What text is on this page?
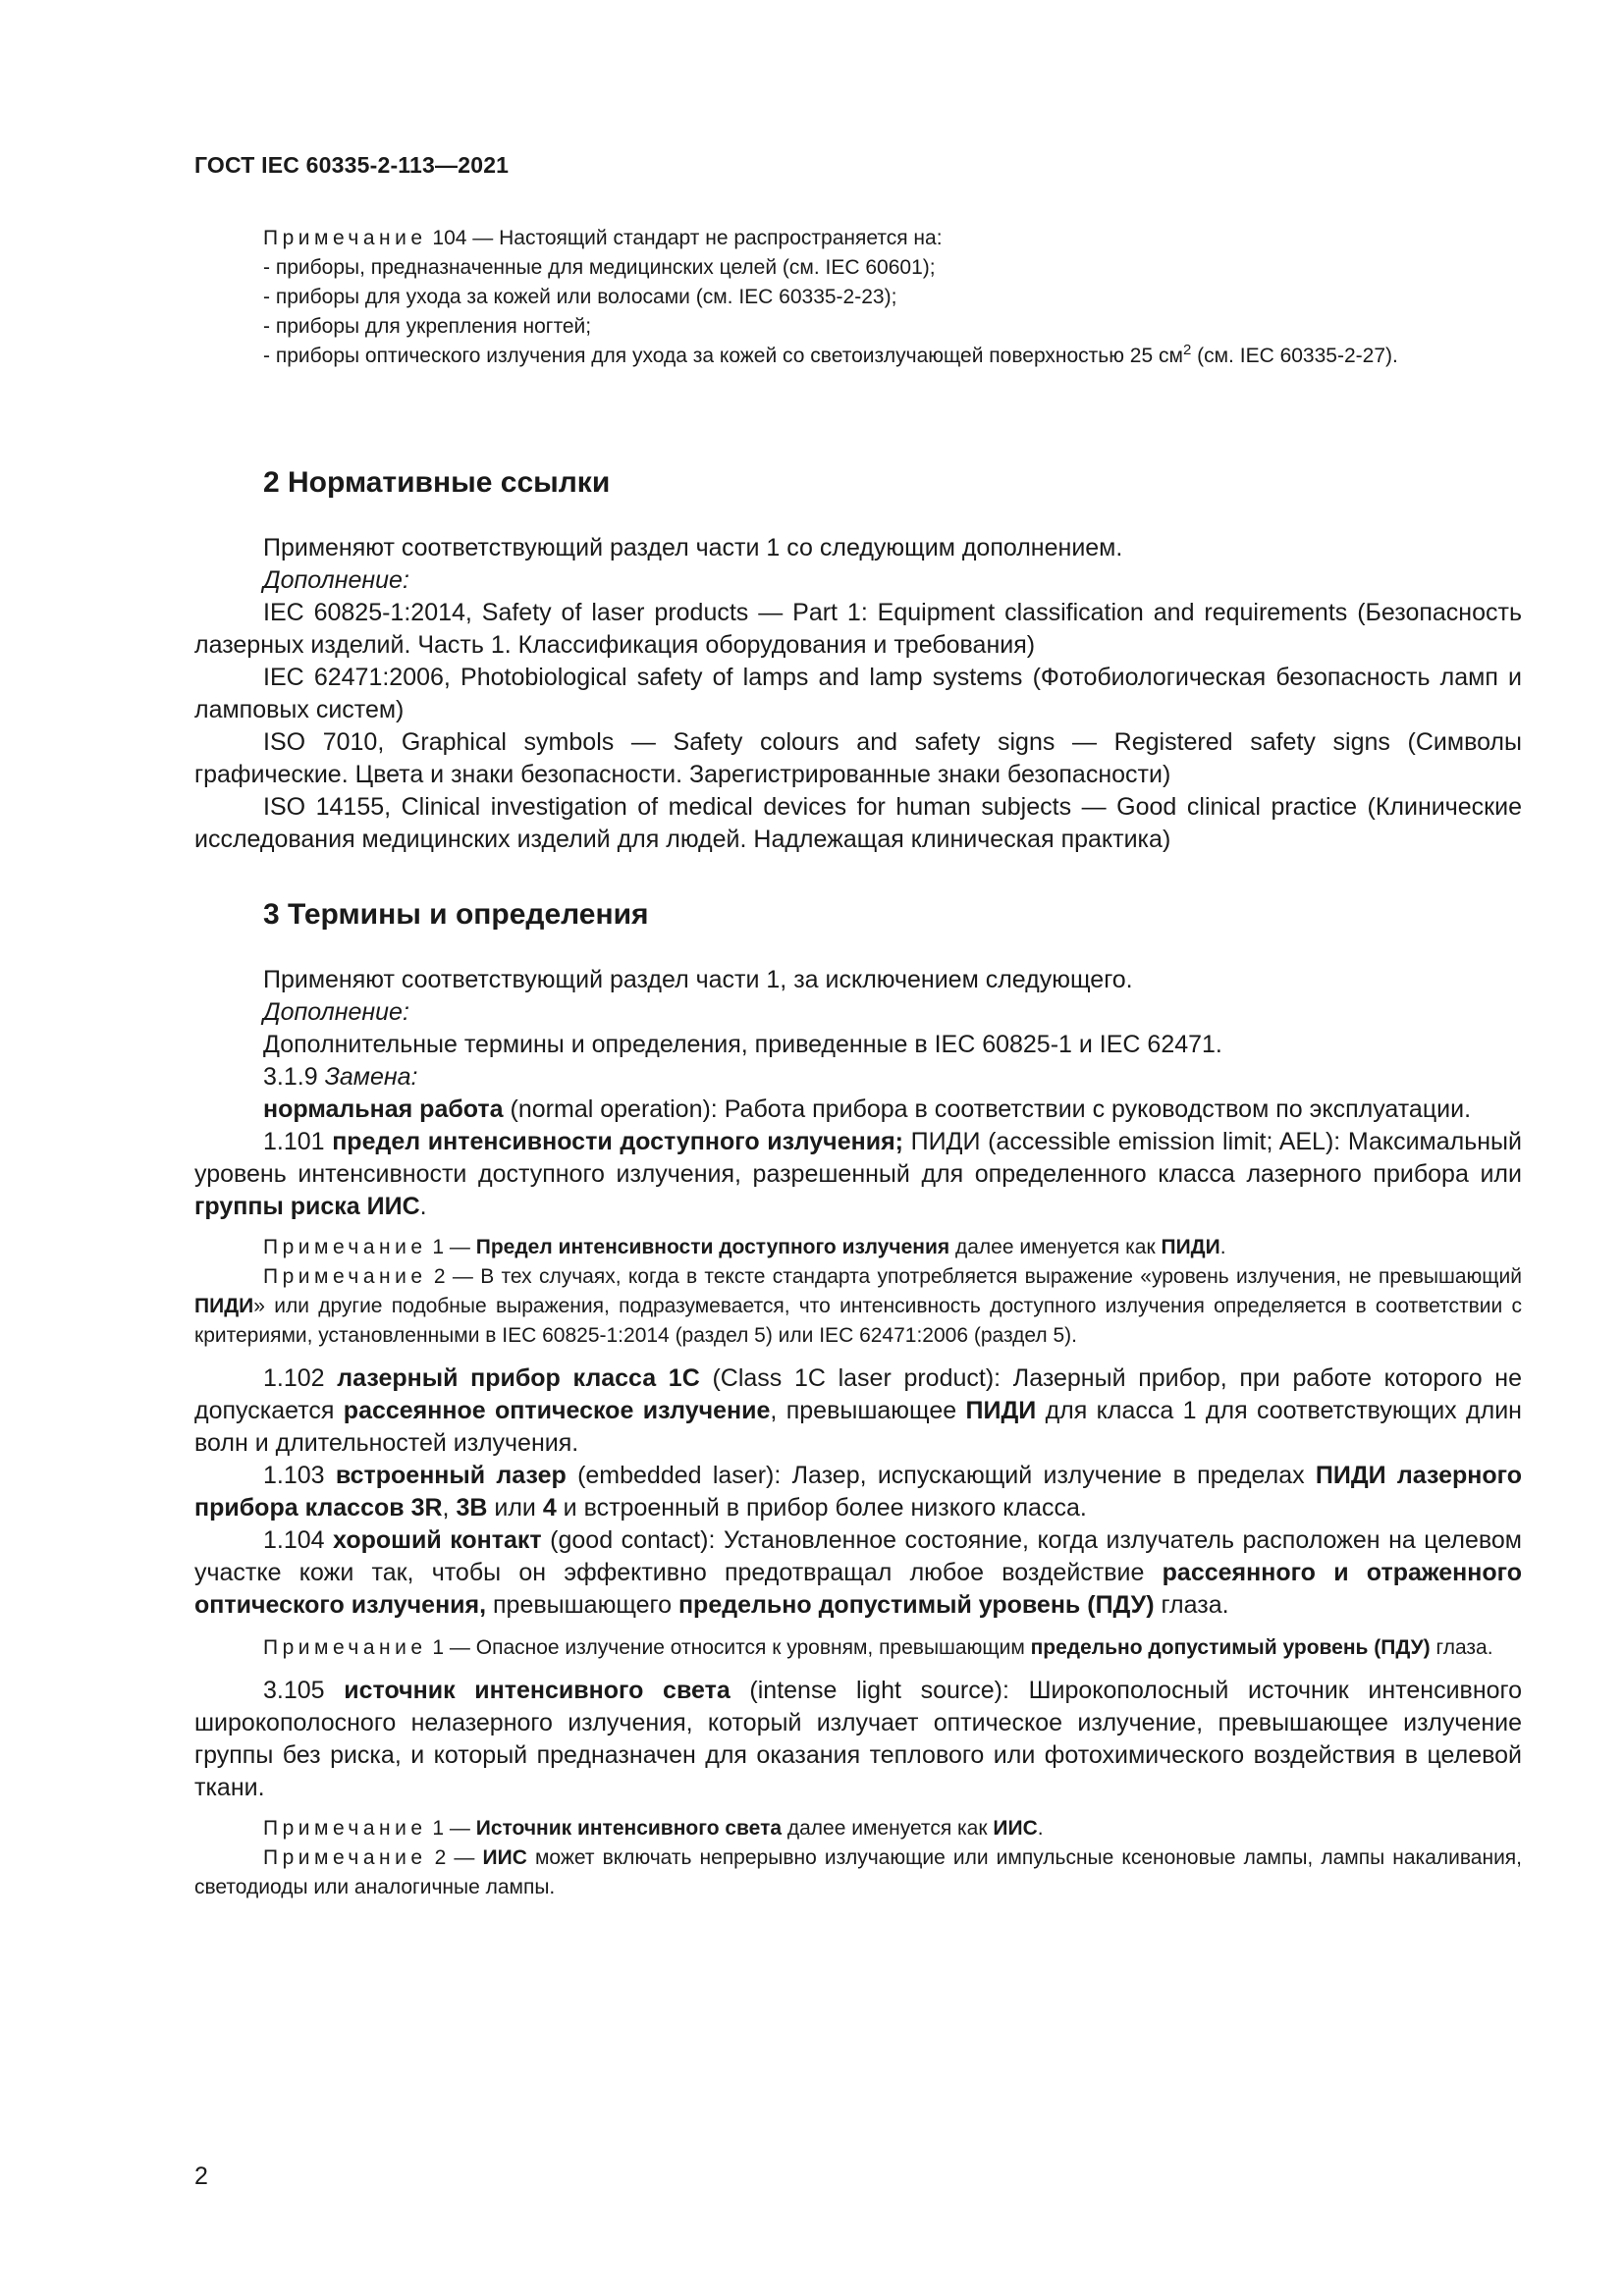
ГОСТ IEC 60335-2-113—2021

Примечание 104 — Настоящий стандарт не распространяется на:

- приборы, предназначенные для медицинских целей (см. IEC 60601);

- приборы для ухода за кожей или волосами (см. IEC 60335-2-23);

- приборы для укрепления ногтей;

- приборы оптического излучения для ухода за кожей со светоизлучающей поверхностью 25 $см^2$ (см. IEC 60335-2-27).

2 Нормативные ссылки

Применяют соответствующий раздел части 1 со следующим дополнением.

Дополнение:

IEC 60825-1:2014, Safety of laser products — Part 1: Equipment classification and requirements (Безопасность лазерных изделий. Часть 1. Классификация оборудования и требования)

IEC 62471:2006, Photobiological safety of lamps and lamp systems (Фотобиологическая безопасность ламп и ламповых систем)

ISO 7010, Graphical symbols — Safety colours and safety signs — Registered safety signs (Символы графические. Цвета и знаки безопасности. Зарегистрированные знаки безопасности)

ISO 14155, Clinical investigation of medical devices for human subjects — Good clinical practice (Клинические исследования медицинских изделий для людей. Надлежащая клиническая практика)

3 Термины и определения

Применяют соответствующий раздел части 1, за исключением следующего.

Дополнение:

Дополнительные термины и определения, приведенные в IEC 60825-1 и IEC 62471.

3.1.9 Замена:

нормальная работа (normal operation): Работа прибора в соответствии с руководством по эксплуатации.

1.101 предел интенсивности доступного излучения; ПИДИ (accessible emission limit; AEL): Максимальный уровень интенсивности доступного излучения, разрешенный для определенного класса лазерного прибора или группы риска ИИС.

Примечание 1 — Предел интенсивности доступного излучения далее именуется как ПИДИ.

Примечание 2 — В тех случаях, когда в тексте стандарта употребляется выражение «уровень излучения, не превышающий ПИДИ» или другие подобные выражения, подразумевается, что интенсивность доступного излучения определяется в соответствии с критериями, установленными в IEC 60825-1:2014 (раздел 5) или IEC 62471:2006 (раздел 5).

1.102 лазерный прибор класса 1С (Class 1C laser product): Лазерный прибор, при работе которого не допускается рассеянное оптическое излучение, превышающее ПИДИ для класса 1 для соответствующих длин волн и длительностей излучения.

1.103 встроенный лазер (embedded laser): Лазер, испускающий излучение в пределах ПИДИ лазерного прибора классов 3R, 3В или 4 и встроенный в прибор более низкого класса.

1.104 хороший контакт (good contact): Установленное состояние, когда излучатель расположен на целевом участке кожи так, чтобы он эффективно предотвращал любое воздействие рассеянного и отраженного оптического излучения, превышающего предельно допустимый уровень (ПДУ) глаза.

Примечание 1 — Опасное излучение относится к уровням, превышающим предельно допустимый уровень (ПДУ) глаза.

3.105 источник интенсивного света (intense light source): Широкополосный источник интенсивного широкополосного нелазерного излучения, который излучает оптическое излучение, превышающее излучение группы без риска, и который предназначен для оказания теплового или фотохимического воздействия в целевой ткани.

Примечание 1 — Источник интенсивного света далее именуется как ИИС.

Примечание 2 — ИИС может включать непрерывно излучающие или импульсные ксеноновые лампы, лампы накаливания, светодиоды или аналогичные лампы.

2
